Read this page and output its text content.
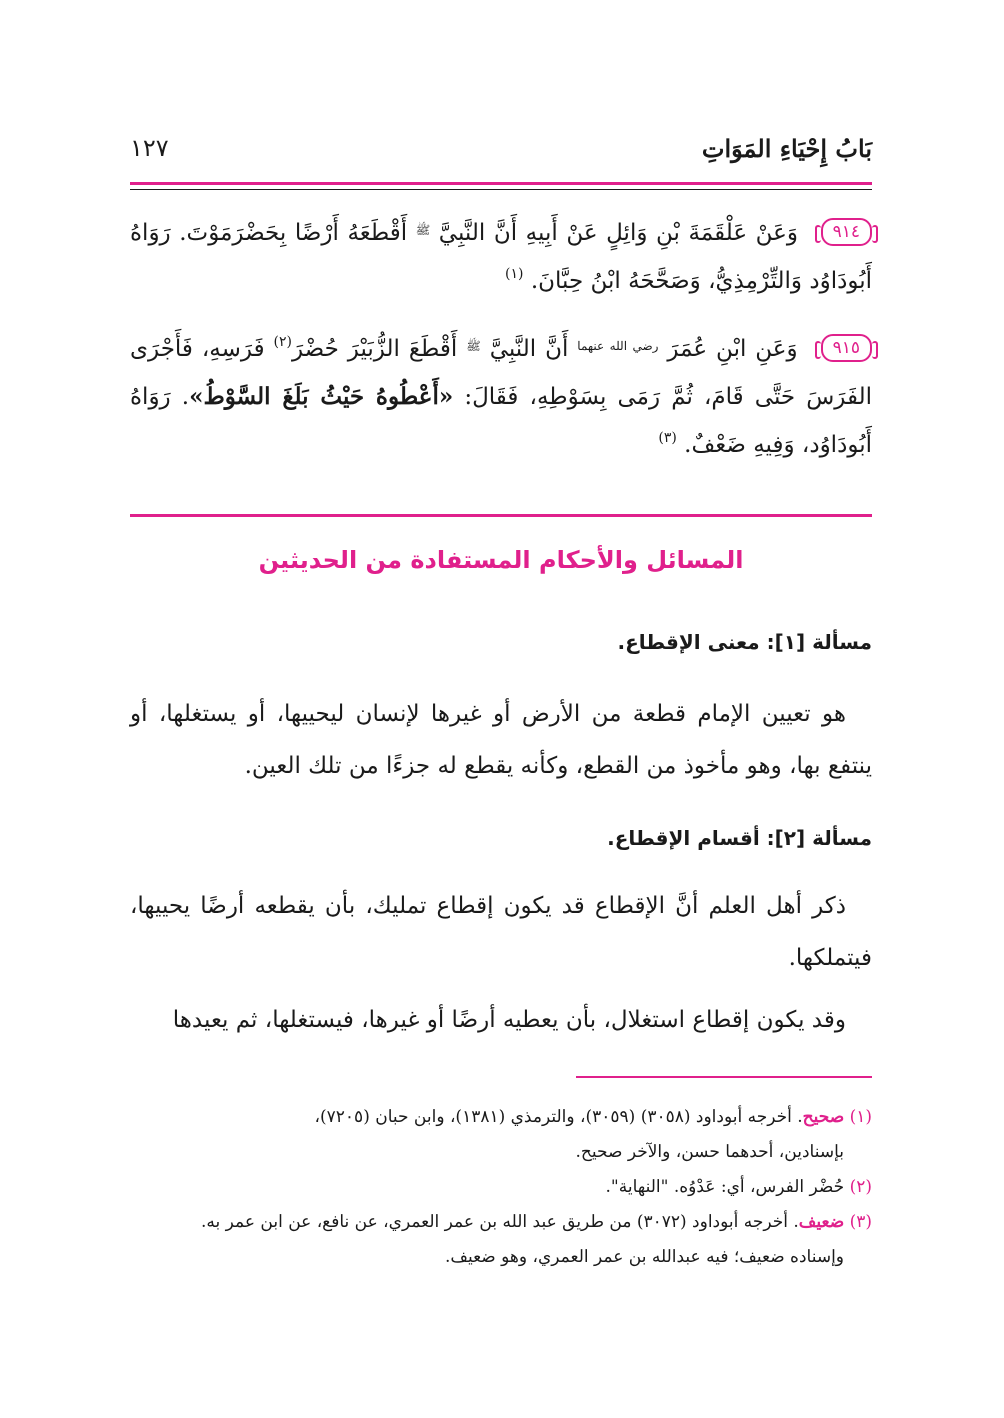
بَابُ إِحْيَاءِ المَوَاتِ
١٢٧
٩١٤ وَعَنْ عَلْقَمَةَ بْنِ وَائِلٍ عَنْ أَبِيهِ أَنَّ النَّبِيَّ $^ﷺ$ أَقْطَعَهُ أَرْضًا بِحَضْرَمَوْتَ. رَوَاهُ أَبُودَاوُد وَالتِّرْمِذِيُّ، وَصَحَّحَهُ ابْنُ حِبَّانَ. $^{(١)}$
٩١٥ وَعَنِ ابْنِ عُمَرَ $^{رضي الله عنهما}$ أَنَّ النَّبِيَّ $^ﷺ$ أَقْطَعَ الزُّبَيْرَ حُضْرَ$^{(٢)}$ فَرَسِهِ، فَأَجْرَى الفَرَسَ حَتَّى قَامَ، ثُمَّ رَمَى بِسَوْطِهِ، فَقَالَ: «أَعْطُوهُ حَيْثُ بَلَغَ السَّوْطُ». رَوَاهُ أَبُودَاوُد، وَفِيهِ ضَعْفٌ. $^{(٣)}$
المسائل والأحكام المستفادة من الحديثين
مسألة [١]: معنى الإقطاع.
هو تعيين الإمام قطعة من الأرض أو غيرها لإنسان ليحييها، أو يستغلها، أو ينتفع بها، وهو مأخوذ من القطع، وكأنه يقطع له جزءًا من تلك العين.
مسألة [٢]: أقسام الإقطاع.
ذكر أهل العلم أنَّ الإقطاع قد يكون إقطاع تمليك، بأن يقطعه أرضًا يحييها، فيتملكها.
وقد يكون إقطاع استغلال، بأن يعطيه أرضًا أو غيرها، فيستغلها، ثم يعيدها
(١) صحيح. أخرجه أبوداود (٣٠٥٨) (٣٠٥٩)، والترمذي (١٣٨١)، وابن حبان (٧٢٠٥)،
بإسنادين، أحدهما حسن، والآخر صحيح.
(٢) حُضْر الفرس، أي: عَدْوُه. "النهاية".
(٣) ضعيف. أخرجه أبوداود (٣٠٧٢) من طريق عبد الله بن عمر العمري، عن نافع، عن ابن عمر به.
وإسناده ضعيف؛ فيه عبدالله بن عمر العمري، وهو ضعيف.
